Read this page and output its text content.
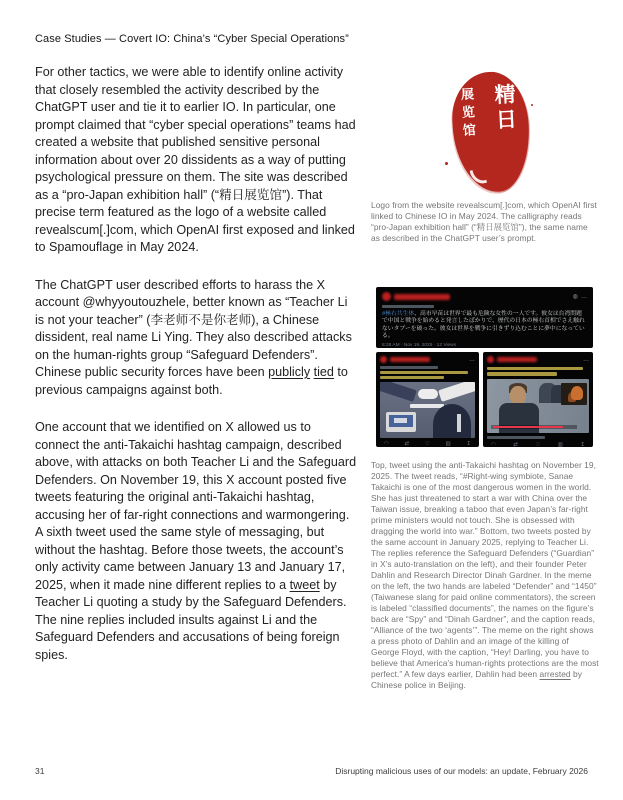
Case Studies — Covert IO: China’s “Cyber Special Operations”

For other tactics, we were able to identify online activity that closely resembled the activity described by the ChatGPT user and tie it to earlier IO. In particular, one prompt claimed that “cyber special operations” teams had created a website that published sensitive personal information about over 20 dissidents as a way of putting psychological pressure on them. The site was described as a “pro-Japan exhibition hall” (“精日展览馆”). That precise term featured as the logo of a website called revealscum[.]com, which OpenAI first exposed and linked to Spamouflage in May 2024.

The ChatGPT user described efforts to harass the X account @whyyoutouzhele, better known as “Teacher Li is not your teacher” (李老师不是你老师), a Chinese dissident, real name Li Ying. They also described attacks on the human-rights group “Safeguard Defenders”. Chinese public security forces have been publicly tied to previous campaigns against both.

One account that we identified on X allowed us to connect the anti-Takaichi hashtag campaign, described above, with attacks on both Teacher Li and the Safeguard Defenders. On November 19, this X account posted five tweets featuring the original anti-Takaichi hashtag, accusing her of far-right connections and warmongering. A sixth tweet used the same style of messaging, but without the hashtag. Before those tweets, the account’s only activity came between January 13 and January 17, 2025, when it made nine different replies to a tweet by Teacher Li quoting a study by the Safeguard Defenders. The nine replies included insults against Li and the Safeguard Defenders and accusations of being foreign spies.

精日
展览馆
Logo from the website revealscum[.]com, which OpenAI first linked to Chinese IO in May 2024. The calligraphy reads “pro-Japan exhibition hall” (“精日展览馆”), the same name as described in the ChatGPT user’s prompt.
◍ …
#極右共生体、高市早苗は世界で最も危険な女性の一人です。彼女は台湾問題で中国と戦争を始めると発言したばかりで、歴代の日本の極右首相でさえ触れないタブーを破った。彼女は世界を戦争に引きずり込むことに夢中になっている。
8:28 AM · Nov 19, 2025 · 12 Views
…
◠	⇄	♡	▥	↥
…
◠	⇄	♡	▥	↥
Top, tweet using the anti-Takaichi hashtag on November 19, 2025. The tweet reads, “#Right-wing symbiote, Sanae Takaichi is one of the most dangerous women in the world. She has just threatened to start a war with China over the Taiwan issue, breaking a taboo that even Japan’s far-right prime ministers would not touch. She is obsessed with dragging the world into war.” Bottom, two tweets posted by the same account in January 2025, replying to Teacher Li. The replies reference the Safeguard Defenders (“Guardian” in X’s auto-translation on the left), and their founder Peter Dahlin and Research Director Dinah Gardner. In the meme on the left, the two hands are labeled “Defender” and “1450” (Taiwanese slang for paid online commentators), the screen is labeled “classified documents”, the names on the figure’s back are “Spy” and “Dinah Gardner”, and the caption reads, “Alliance of the two ‘agents’”. The meme on the right shows a press photo of Dahlin and an image of the killing of George Floyd, with the caption, “Hey! Darling, you have to believe that America’s human-rights protections are the most perfect.” A few days earlier, Dahlin had been arrested by Chinese police in Beijing.
31	Disrupting malicious uses of our models: an update, February 2026
